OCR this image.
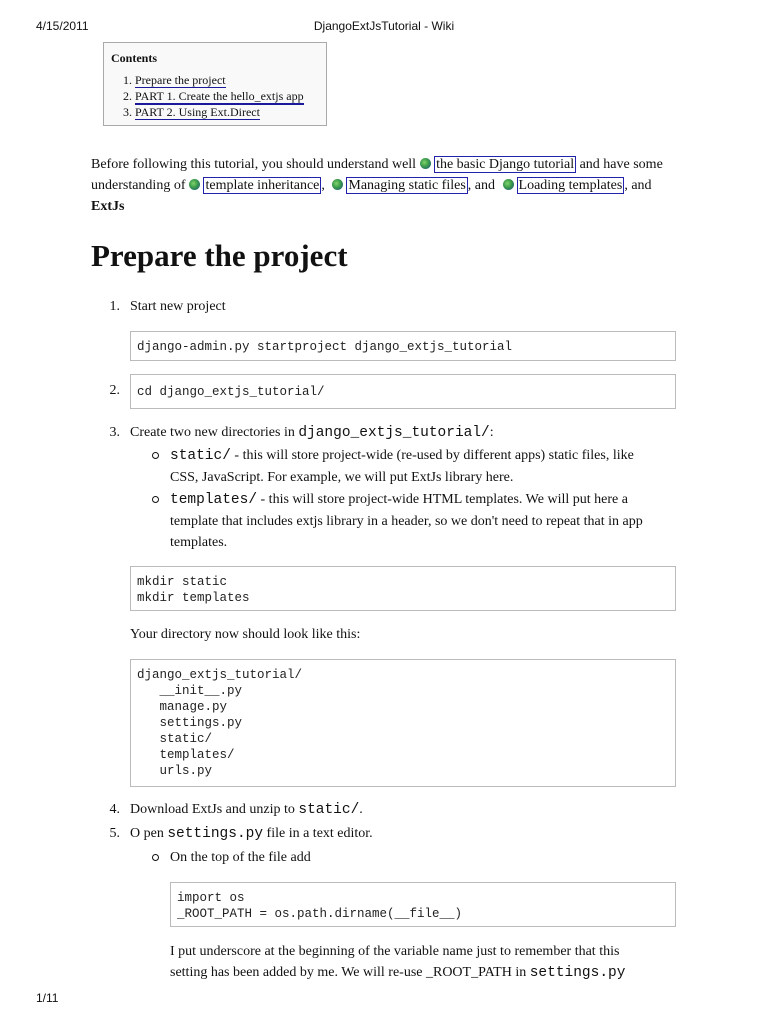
4/15/2011	DjangoExtJsTutorial - Wiki
Contents
1. Prepare the project
2. PART 1. Create the hello_extjs app
3. PART 2. Using Ext.Direct
Before following this tutorial, you should understand well the basic Django tutorial and have some understanding of template inheritance , Managing static files , and Loading templates , and ExtJs
Prepare the project
1. Start new project
django-admin.py startproject django_extjs_tutorial
2.	cd django_extjs_tutorial/
3. Create two new directories in django_extjs_tutorial/:
static/ - this will store project-wide (re-used by different apps) static files, like
CSS, JavaScript. For example, we will put ExtJs library here.
templates/ - this will store project-wide HTML templates. We will put here a
template that includes extjs library in a header, so we don't need to repeat that in app
templates.
mkdir static
mkdir templates
Your directory now should look like this:
django_extjs_tutorial/
__init__.py
manage.py
settings.py
static/
templates/
urls.py
4. Download ExtJs and unzip to static/.
5. O pen settings.py file in a text editor.
On the top of the file add
import os
_ROOT_PATH = os.path.dirname(__file__)
I put underscore at the beginning of the variable name just to remember that this
setting has been added by me. We will re-use _ROOT_PATH in settings.py
1/11
